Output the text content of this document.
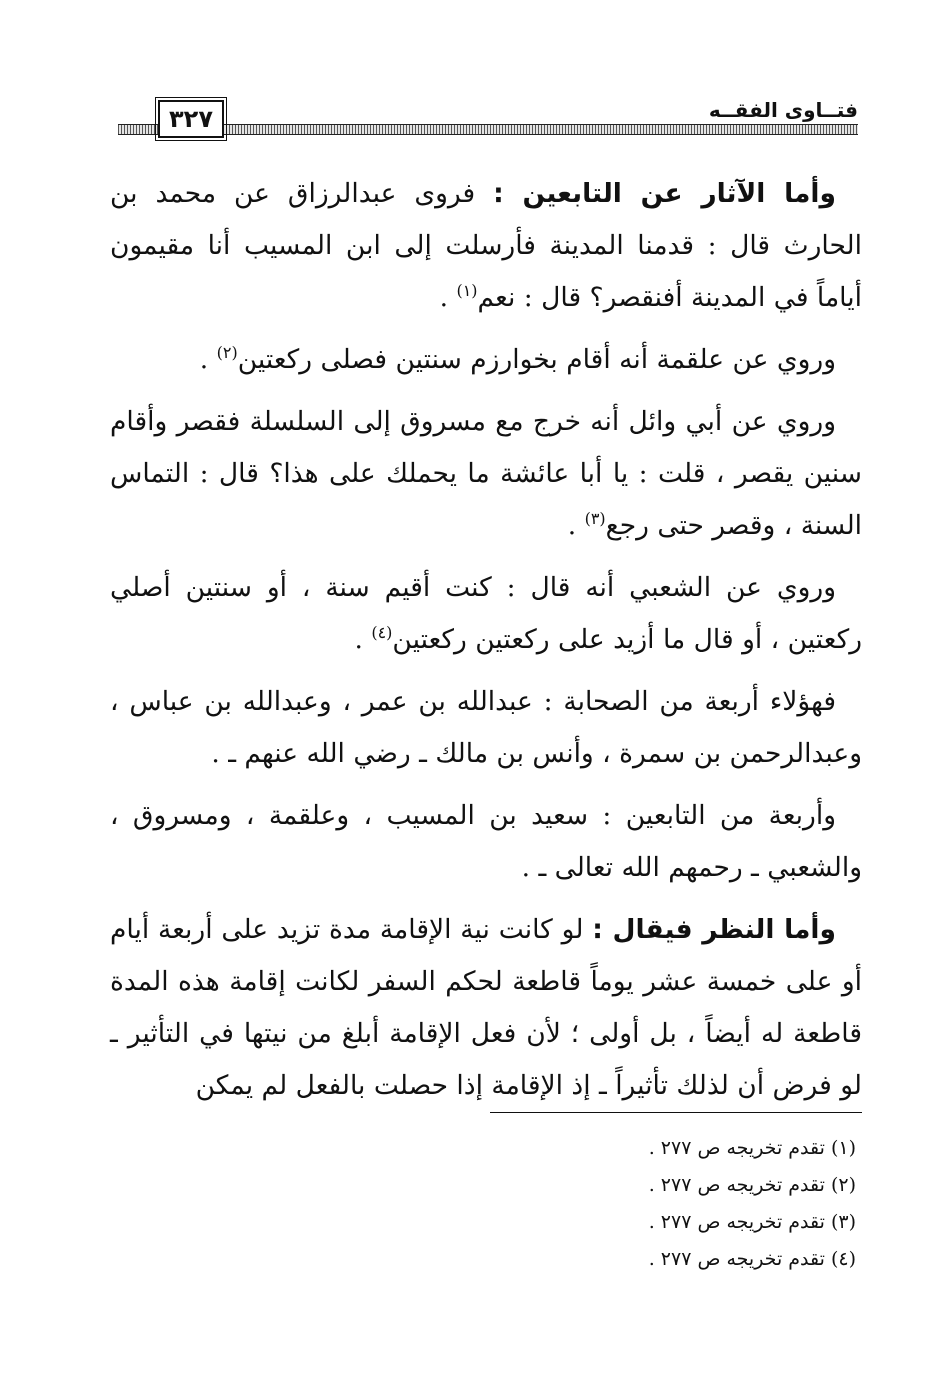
فتــاوى الفقــه
٣٢٧

وأما الآثار عن التابعين : فروى عبدالرزاق عن محمد بن الحارث قال : قدمنا المدينة فأرسلت إلى ابن المسيب أنا مقيمون أياماً في المدينة أفنقصر؟ قال : نعم$^{(١)}$ .

وروي عن علقمة أنه أقام بخوارزم سنتين فصلى ركعتين$^{(٢)}$ .

وروي عن أبي وائل أنه خرج مع مسروق إلى السلسلة فقصر وأقام سنين يقصر ، قلت : يا أبا عائشة ما يحملك على هذا؟ قال : التماس السنة ، وقصر حتى رجع$^{(٣)}$ .

وروي عن الشعبي أنه قال : كنت أقيم سنة ، أو سنتين أصلي ركعتين ، أو قال ما أزيد على ركعتين ركعتين$^{(٤)}$ .

فهؤلاء أربعة من الصحابة : عبدالله بن عمر ، وعبدالله بن عباس ، وعبدالرحمن بن سمرة ، وأنس بن مالك ـ رضي الله عنهم ـ .

وأربعة من التابعين : سعيد بن المسيب ، وعلقمة ، ومسروق ، والشعبي ـ رحمهم الله تعالى ـ .

وأما النظر فيقال : لو كانت نية الإقامة مدة تزيد على أربعة أيام أو على خمسة عشر يوماً قاطعة لحكم السفر لكانت إقامة هذه المدة قاطعة له أيضاً ، بل أولى ؛ لأن فعل الإقامة أبلغ من نيتها في التأثير ـ لو فرض أن لذلك تأثيراً ـ إذ الإقامة إذا حصلت بالفعل لم يمكن

(١) تقدم تخريجه ص ٢٧٧ .
(٢) تقدم تخريجه ص ٢٧٧ .
(٣) تقدم تخريجه ص ٢٧٧ .
(٤) تقدم تخريجه ص ٢٧٧ .
